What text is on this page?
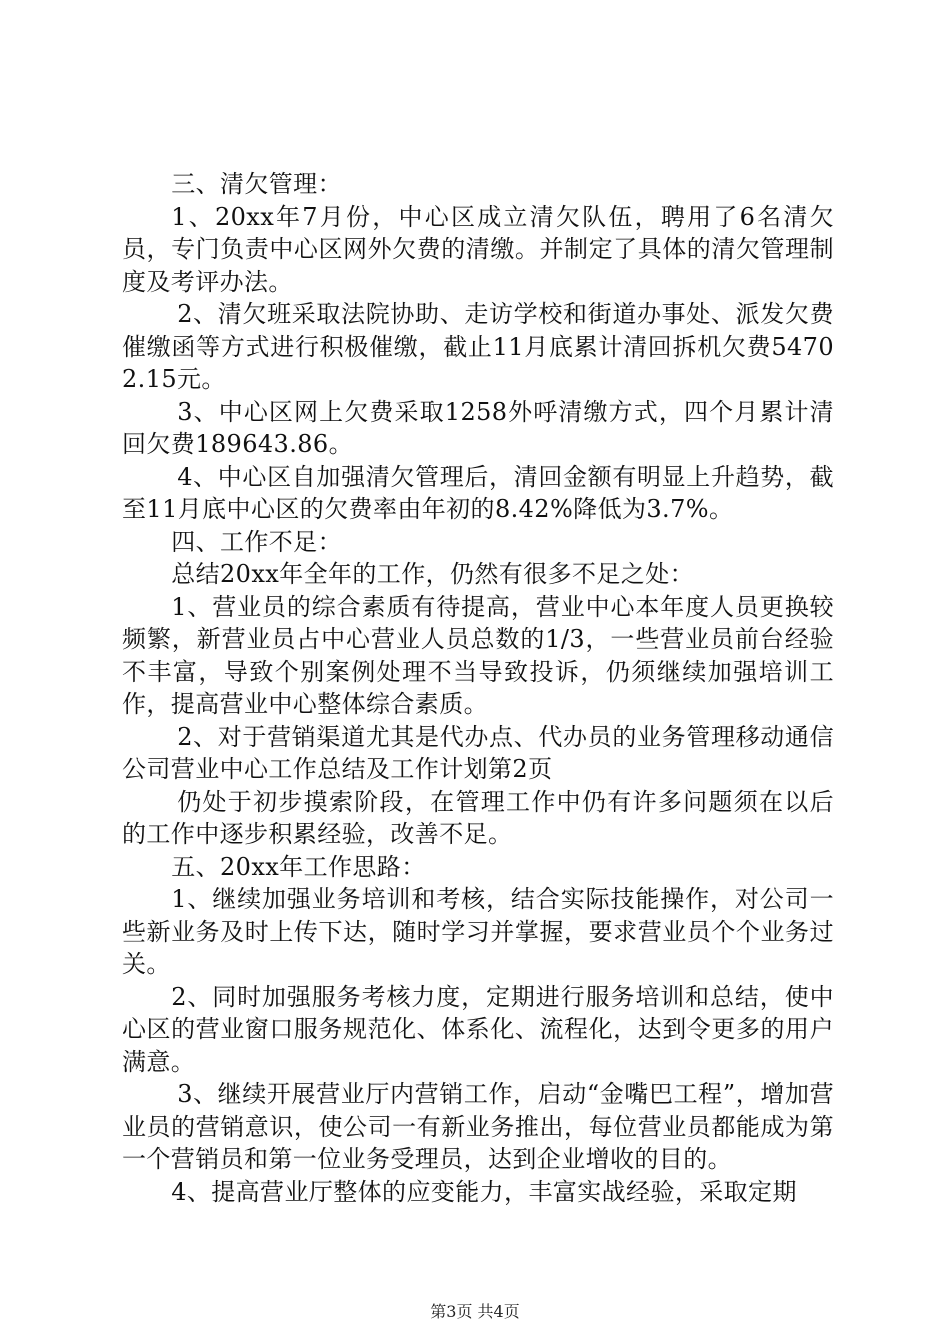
三、清欠管理：

1、20xx年7月份，中心区成立清欠队伍，聘用了6名清欠员，专门负责中心区网外欠费的清缴。并制定了具体的清欠管理制度及考评办法。

2、清欠班采取法院协助、走访学校和街道办事处、派发欠费催缴函等方式进行积极催缴，截止11月底累计清回拆机欠费54702.15元。

3、中心区网上欠费采取1258外呼清缴方式，四个月累计清回欠费189643.86。

4、中心区自加强清欠管理后，清回金额有明显上升趋势，截至11月底中心区的欠费率由年初的8.42%降低为3.7%。

四、工作不足：

总结20xx年全年的工作，仍然有很多不足之处：

1、营业员的综合素质有待提高，营业中心本年度人员更换较频繁，新营业员占中心营业人员总数的1/3，一些营业员前台经验不丰富，导致个别案例处理不当导致投诉，仍须继续加强培训工作，提高营业中心整体综合素质。

2、对于营销渠道尤其是代办点、代办员的业务管理移动通信公司营业中心工作总结及工作计划第2页

仍处于初步摸索阶段，在管理工作中仍有许多问题须在以后的工作中逐步积累经验，改善不足。

五、20xx年工作思路：

1、继续加强业务培训和考核，结合实际技能操作，对公司一些新业务及时上传下达，随时学习并掌握，要求营业员个个业务过关。

2、同时加强服务考核力度，定期进行服务培训和总结，使中心区的营业窗口服务规范化、体系化、流程化，达到令更多的用户满意。

3、继续开展营业厅内营销工作，启动“金嘴巴工程”，增加营业员的营销意识，使公司一有新业务推出，每位营业员都能成为第一个营销员和第一位业务受理员，达到企业增收的目的。

4、提高营业厅整体的应变能力，丰富实战经验，采取定期

第3页 共4页
